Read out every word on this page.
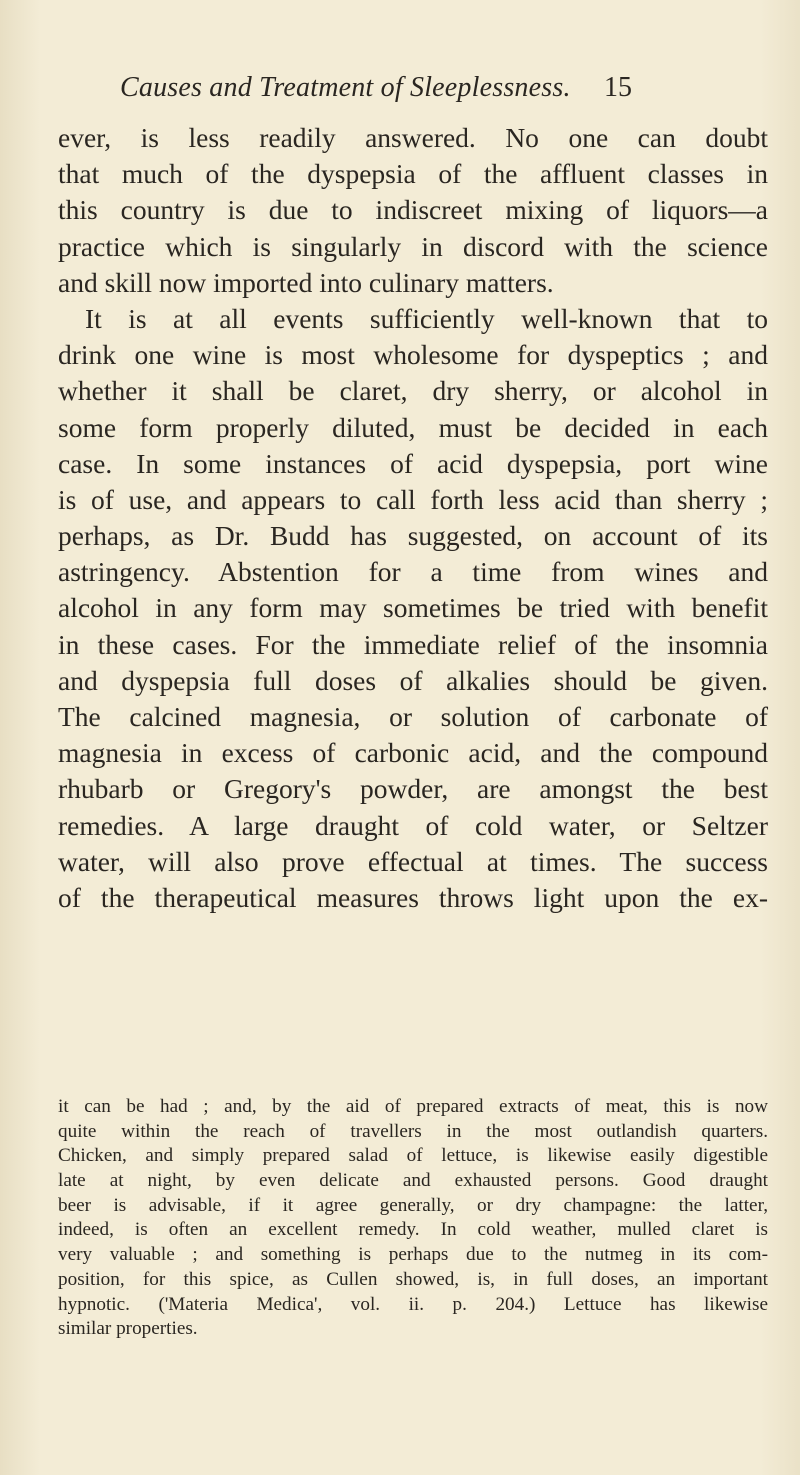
Causes and Treatment of Sleeplessness. 15
ever, is less readily answered. No one can doubt
that much of the dyspepsia of the affluent classes in
this country is due to indiscreet mixing of liquors—a
practice which is singularly in discord with the science
and skill now imported into culinary matters.
It is at all events sufficiently well-known that to
drink one wine is most wholesome for dyspeptics ; and
whether it shall be claret, dry sherry, or alcohol in
some form properly diluted, must be decided in each
case. In some instances of acid dyspepsia, port wine
is of use, and appears to call forth less acid than sherry ;
perhaps, as Dr. Budd has suggested, on account of its
astringency. Abstention for a time from wines and
alcohol in any form may sometimes be tried with benefit
in these cases. For the immediate relief of the insomnia
and dyspepsia full doses of alkalies should be given.
The calcined magnesia, or solution of carbonate of
magnesia in excess of carbonic acid, and the compound
rhubarb or Gregory's powder, are amongst the best
remedies. A large draught of cold water, or Seltzer
water, will also prove effectual at times. The success
of the therapeutical measures throws light upon the ex-
it can be had ; and, by the aid of prepared extracts of meat, this is now
quite within the reach of travellers in the most outlandish quarters.
Chicken, and simply prepared salad of lettuce, is likewise easily digestible
late at night, by even delicate and exhausted persons. Good draught
beer is advisable, if it agree generally, or dry champagne: the latter,
indeed, is often an excellent remedy. In cold weather, mulled claret is
very valuable ; and something is perhaps due to the nutmeg in its com-
position, for this spice, as Cullen showed, is, in full doses, an important
hypnotic. ('Materia Medica', vol. ii. p. 204.) Lettuce has likewise
similar properties.
